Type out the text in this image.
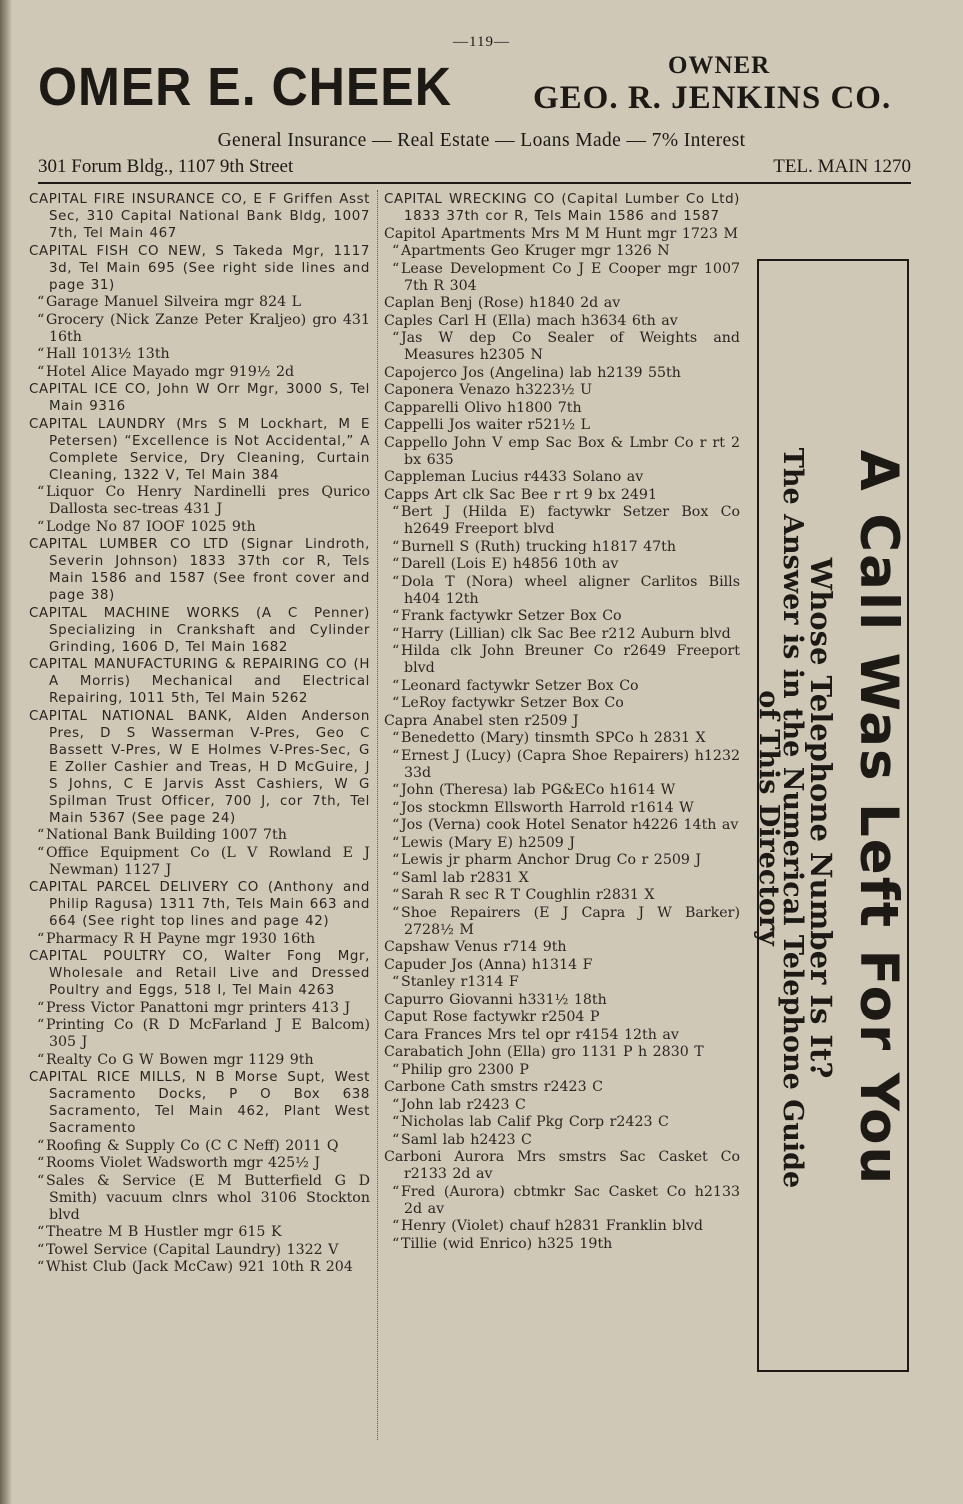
—119—
OMER E. CHEEK	OWNER
GEO. R. JENKINS CO.
General Insurance — Real Estate — Loans Made — 7% Interest
301 Forum Bldg., 1107 9th Street	TEL. MAIN 1270
CAPITAL FIRE INSURANCE CO, E F Griffen Asst Sec, 310 Capital National Bank Bldg, 1007 7th, Tel Main 467
CAPITAL FISH CO NEW, S Takeda Mgr, 1117 3d, Tel Main 695 (See right side lines and page 31)
“ Garage Manuel Silveira mgr 824 L
“ Grocery (Nick Zanze Peter Kraljeo) gro 431 16th
“ Hall 1013½ 13th
“ Hotel Alice Mayado mgr 919½ 2d
CAPITAL ICE CO, John W Orr Mgr, 3000 S, Tel Main 9316
CAPITAL LAUNDRY (Mrs S M Lockhart, M E Petersen) “Excellence is Not Accidental,” A Complete Service, Dry Cleaning, Curtain Cleaning, 1322 V, Tel Main 384
“ Liquor Co Henry Nardinelli pres Qurico Dallosta sec-treas 431 J
“ Lodge No 87 IOOF 1025 9th
CAPITAL LUMBER CO LTD (Signar Lindroth, Severin Johnson) 1833 37th cor R, Tels Main 1586 and 1587 (See front cover and page 38)
CAPITAL MACHINE WORKS (A C Penner) Specializing in Crankshaft and Cylinder Grinding, 1606 D, Tel Main 1682
CAPITAL MANUFACTURING & REPAIRING CO (H A Morris) Mechanical and Electrical Repairing, 1011 5th, Tel Main 5262
CAPITAL NATIONAL BANK, Alden Anderson Pres, D S Wasserman V-Pres, Geo C Bassett V-Pres, W E Holmes V-Pres-Sec, G E Zoller Cashier and Treas, H D McGuire, J S Johns, C E Jarvis Asst Cashiers, W G Spilman Trust Officer, 700 J, cor 7th, Tel Main 5367 (See page 24)
“ National Bank Building 1007 7th
“ Office Equipment Co (L V Rowland E J Newman) 1127 J
CAPITAL PARCEL DELIVERY CO (Anthony and Philip Ragusa) 1311 7th, Tels Main 663 and 664 (See right top lines and page 42)
“ Pharmacy R H Payne mgr 1930 16th
CAPITAL POULTRY CO, Walter Fong Mgr, Wholesale and Retail Live and Dressed Poultry and Eggs, 518 I, Tel Main 4263
“ Press Victor Panattoni mgr printers 413 J
“ Printing Co (R D McFarland J E Balcom) 305 J
“ Realty Co G W Bowen mgr 1129 9th
CAPITAL RICE MILLS, N B Morse Supt, West Sacramento Docks, P O Box 638 Sacramento, Tel Main 462, Plant West Sacramento
“ Roofing & Supply Co (C C Neff) 2011 Q
“ Rooms Violet Wadsworth mgr 425½ J
“ Sales & Service (E M Butterfield G D Smith) vacuum clnrs whol 3106 Stockton blvd
“ Theatre M B Hustler mgr 615 K
“ Towel Service (Capital Laundry) 1322 V
“ Whist Club (Jack McCaw) 921 10th R 204
CAPITAL WRECKING CO (Capital Lumber Co Ltd) 1833 37th cor R, Tels Main 1586 and 1587
Capitol Apartments Mrs M M Hunt mgr 1723 M
“ Apartments Geo Kruger mgr 1326 N
“ Lease Development Co J E Cooper mgr 1007 7th R 304
Caplan Benj (Rose) h1840 2d av
Caples Carl H (Ella) mach h3634 6th av
“ Jas W dep Co Sealer of Weights and Measures h2305 N
Capojerco Jos (Angelina) lab h2139 55th
Caponera Venazo h3223½ U
Capparelli Olivo h1800 7th
Cappelli Jos waiter r521½ L
Cappello John V emp Sac Box & Lmbr Co r rt 2 bx 635
Cappleman Lucius r4433 Solano av
Capps Art clk Sac Bee r rt 9 bx 2491
“ Bert J (Hilda E) factywkr Setzer Box Co h2649 Freeport blvd
“ Burnell S (Ruth) trucking h1817 47th
“ Darell (Lois E) h4856 10th av
“ Dola T (Nora) wheel aligner Carlitos Bills h404 12th
“ Frank factywkr Setzer Box Co
“ Harry (Lillian) clk Sac Bee r212 Auburn blvd
“ Hilda clk John Breuner Co r2649 Freeport blvd
“ Leonard factywkr Setzer Box Co
“ LeRoy factywkr Setzer Box Co
Capra Anabel sten r2509 J
“ Benedetto (Mary) tinsmth SPCo h 2831 X
“ Ernest J (Lucy) (Capra Shoe Repairers) h1232 33d
“ John (Theresa) lab PG&ECo h1614 W
“ Jos stockmn Ellsworth Harrold r1614 W
“ Jos (Verna) cook Hotel Senator h4226 14th av
“ Lewis (Mary E) h2509 J
“ Lewis jr pharm Anchor Drug Co r 2509 J
“ Saml lab r2831 X
“ Sarah R sec R T Coughlin r2831 X
“ Shoe Repairers (E J Capra J W Barker) 2728½ M
Capshaw Venus r714 9th
Capuder Jos (Anna) h1314 F
“ Stanley r1314 F
Capurro Giovanni h331½ 18th
Caput Rose factywkr r2504 P
Cara Frances Mrs tel opr r4154 12th av
Carabatich John (Ella) gro 1131 P h 2830 T
“ Philip gro 2300 P
Carbone Cath smstrs r2423 C
“ John lab r2423 C
“ Nicholas lab Calif Pkg Corp r2423 C
“ Saml lab h2423 C
Carboni Aurora Mrs smstrs Sac Casket Co r2133 2d av
“ Fred (Aurora) cbtmkr Sac Casket Co h2133 2d av
“ Henry (Violet) chauf h2831 Franklin blvd
“ Tillie (wid Enrico) h325 19th
A Call Was Left For You
Whose Telephone Number Is It?
The Answer is in the Numerical Telephone Guide
of This Directory
